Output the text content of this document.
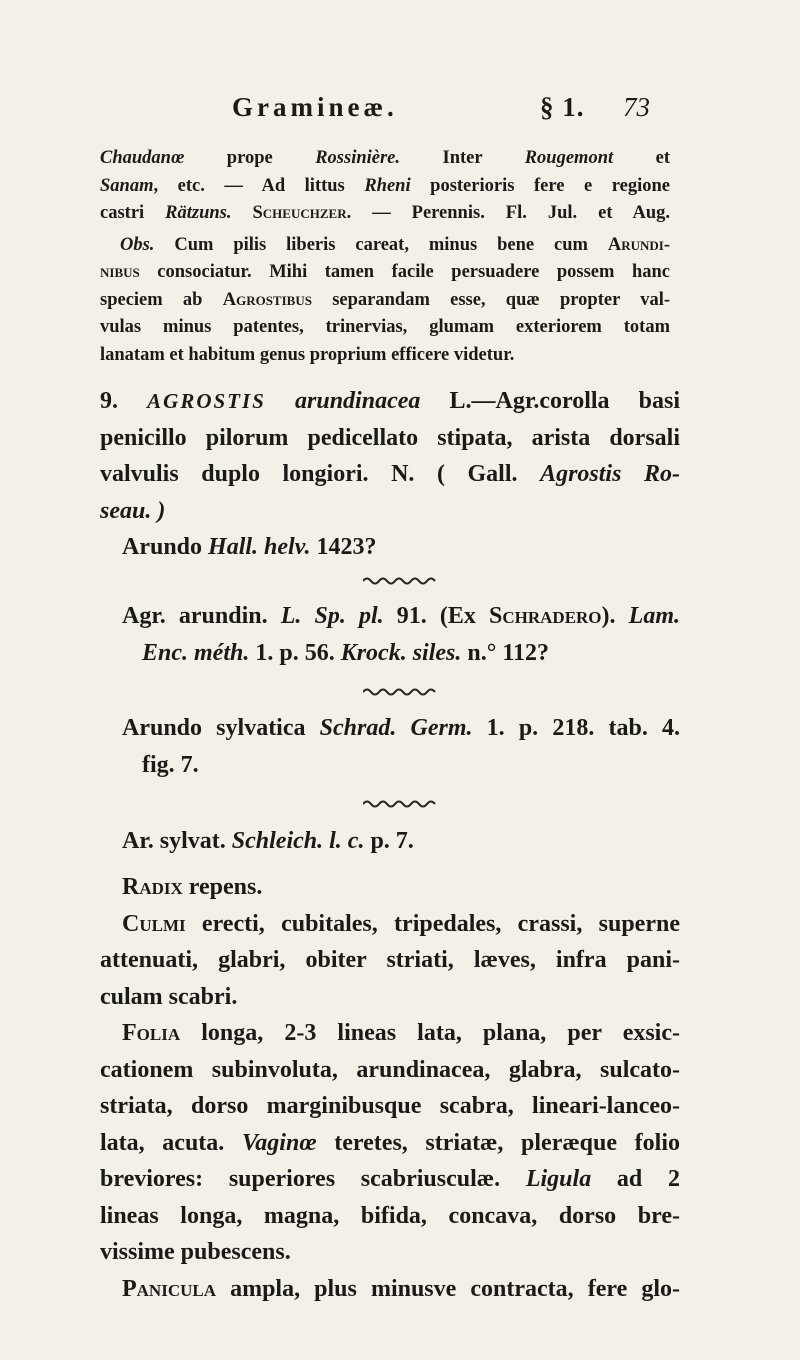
Gramineæ.	§ 1. 73
Chaudanœ prope Rossinière. Inter Rougemont et
Sanam, etc. — Ad littus Rheni posterioris fere e regione
castri Rätzuns. Scheuchzer. — Perennis. Fl. Jul. et Aug.
Obs. Cum pilis liberis careat, minus bene cum Arundi-
nibus consociatur. Mihi tamen facile persuadere possem hanc
speciem ab Agrostibus separandam esse, quæ propter val-
vulas minus patentes, trinervias, glumam exteriorem totam
lanatam et habitum genus proprium efficere videtur.
9. AGROSTIS arundinacea L.—Agr.corolla basi
penicillo pilorum pedicellato stipata, arista dorsali
valvulis duplo longiori. N. ( Gall. Agrostis Ro-
seau. )
Arundo Hall. helv. 1423?
Agr. arundin. L. Sp. pl. 91. (Ex Schradero). Lam.
Enc. méth. 1. p. 56. Krock. siles. n.° 112?
Arundo sylvatica Schrad. Germ. 1. p. 218. tab. 4.
fig. 7.
Ar. sylvat. Schleich. l. c. p. 7.
Radix repens.
Culmi erecti, cubitales, tripedales, crassi, superne
attenuati, glabri, obiter striati, læves, infra pani-
culam scabri.
Folia longa, 2-3 lineas lata, plana, per exsic-
cationem subinvoluta, arundinacea, glabra, sulcato-
striata, dorso marginibusque scabra, lineari-lanceo-
lata, acuta. Vaginœ teretes, striatæ, pleræque folio
breviores: superiores scabriusculæ. Ligula ad 2
lineas longa, magna, bifida, concava, dorso bre-
vissime pubescens.
Panicula ampla, plus minusve contracta, fere glo-
